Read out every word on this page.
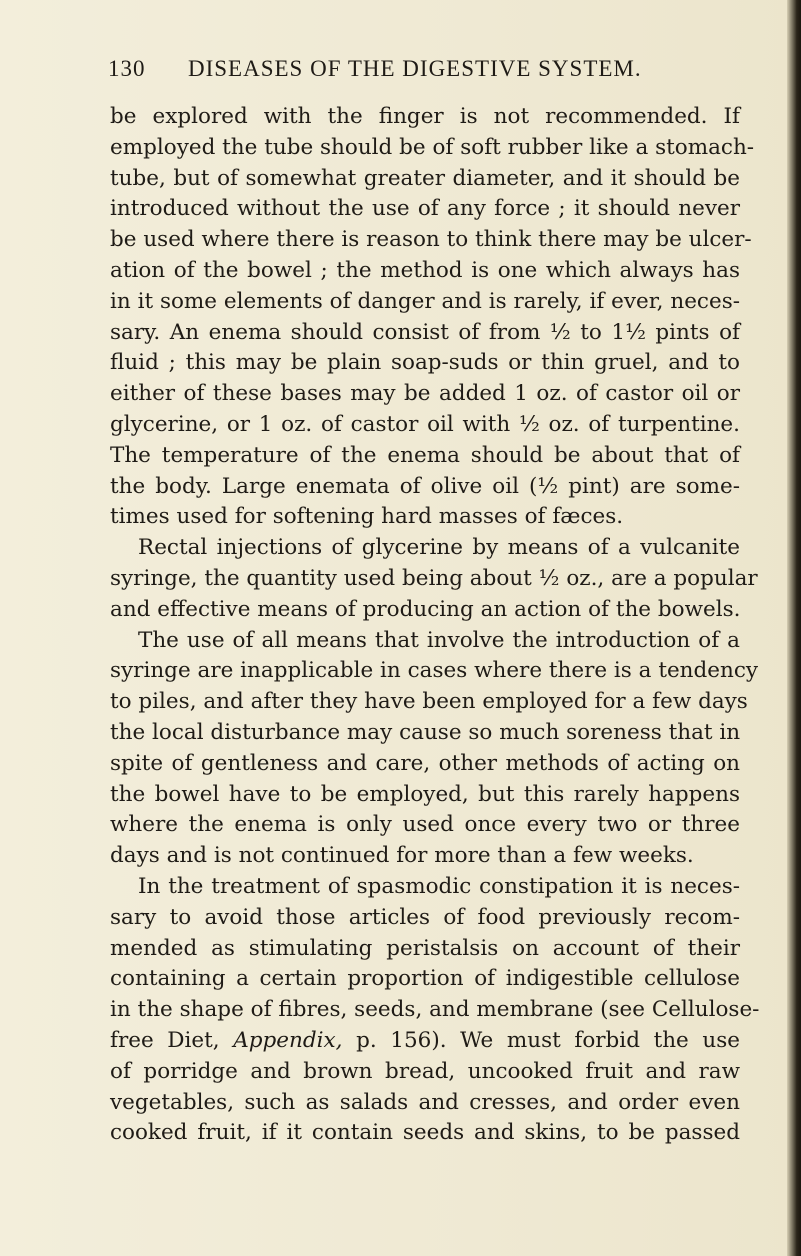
130 DISEASES OF THE DIGESTIVE SYSTEM.
be explored with the finger is not recommended. If
employed the tube should be of soft rubber like a stomach-
tube, but of somewhat greater diameter, and it should be
introduced without the use of any force ; it should never
be used where there is reason to think there may be ulcer-
ation of the bowel ; the method is one which always has
in it some elements of danger and is rarely, if ever, neces-
sary. An enema should consist of from ½ to 1½ pints of
fluid ; this may be plain soap-suds or thin gruel, and to
either of these bases may be added 1 oz. of castor oil or
glycerine, or 1 oz. of castor oil with ½ oz. of turpentine.
The temperature of the enema should be about that of
the body. Large enemata of olive oil (½ pint) are some-
times used for softening hard masses of fæces.
Rectal injections of glycerine by means of a vulcanite
syringe, the quantity used being about ½ oz., are a popular
and effective means of producing an action of the bowels.
The use of all means that involve the introduction of a
syringe are inapplicable in cases where there is a tendency
to piles, and after they have been employed for a few days
the local disturbance may cause so much soreness that in
spite of gentleness and care, other methods of acting on
the bowel have to be employed, but this rarely happens
where the enema is only used once every two or three
days and is not continued for more than a few weeks.
In the treatment of spasmodic constipation it is neces-
sary to avoid those articles of food previously recom-
mended as stimulating peristalsis on account of their
containing a certain proportion of indigestible cellulose
in the shape of fibres, seeds, and membrane (see Cellulose-
free Diet, Appendix, p. 156). We must forbid the use
of porridge and brown bread, uncooked fruit and raw
vegetables, such as salads and cresses, and order even
cooked fruit, if it contain seeds and skins, to be passed
